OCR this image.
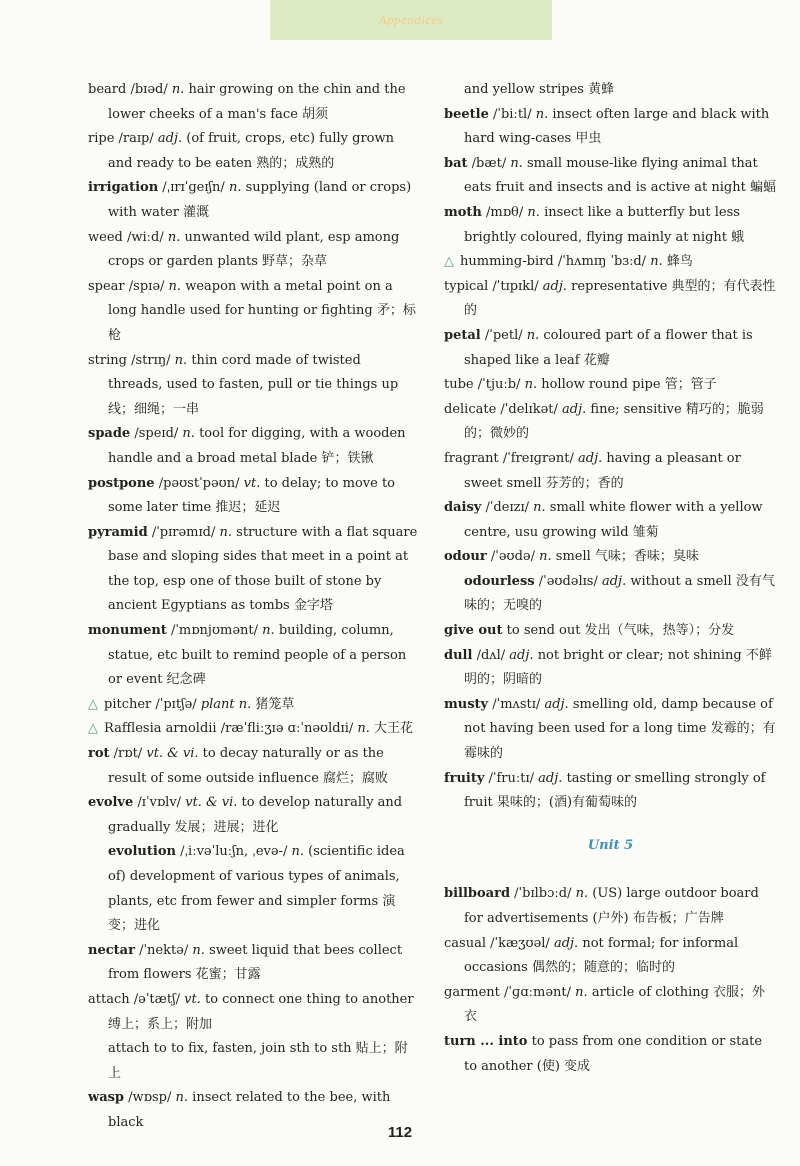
Appendices

beard /bɪəd/ n. hair growing on the chin and the lower cheeks of a man's face 胡须

ripe /raɪp/ adj. (of fruit, crops, etc) fully grown and ready to be eaten 熟的；成熟的

irrigation /ˌɪrɪˈɡeɪʃn/ n. supplying (land or crops) with water 灌溉

weed /wiːd/ n. unwanted wild plant, esp among crops or garden plants 野草；杂草

spear /spɪə/ n. weapon with a metal point on a long handle used for hunting or fighting 矛；标枪

string /strɪŋ/ n. thin cord made of twisted threads, used to fasten, pull or tie things up 线；细绳；一串

spade /speɪd/ n. tool for digging, with a wooden handle and a broad metal blade 铲；铁锹

postpone /pəʊstˈpəʊn/ vt. to delay; to move to some later time 推迟；延迟

pyramid /ˈpɪrəmɪd/ n. structure with a flat square base and sloping sides that meet in a point at the top, esp one of those built of stone by ancient Egyptians as tombs 金字塔

monument /ˈmɒnjʊmənt/ n. building, column, statue, etc built to remind people of a person or event 纪念碑

△ pitcher /ˈpɪtʃə/ plant n. 猪笼草

△ Rafflesia arnoldii /ræˈfliːʒɪə ɑːˈnəʊldɪi/ n. 大王花

rot /rɒt/ vt. & vi. to decay naturally or as the result of some outside influence 腐烂；腐败

evolve /ɪˈvɒlv/ vt. & vi. to develop naturally and gradually 发展；进展；进化

evolution /ˌiːvəˈluːʃn, ˌevə-/ n. (scientific idea of) development of various types of animals, plants, etc from fewer and simpler forms 演变；进化

nectar /ˈnektə/ n. sweet liquid that bees collect from flowers 花蜜；甘露

attach /əˈtætʃ/ vt. to connect one thing to another 缚上；系上；附加

attach to to fix, fasten, join sth to sth 贴上；附上

wasp /wɒsp/ n. insect related to the bee, with black

and yellow stripes 黄蜂

beetle /ˈbiːtl/ n. insect often large and black with hard wing-cases 甲虫

bat /bæt/ n. small mouse-like flying animal that eats fruit and insects and is active at night 蝙蝠

moth /mɒθ/ n. insect like a butterfly but less brightly coloured, flying mainly at night 蛾

△ humming-bird /ˈhʌmɪŋ ˈbɜːd/ n. 蜂鸟

typical /ˈtɪpɪkl/ adj. representative 典型的；有代表性的

petal /ˈpetl/ n. coloured part of a flower that is shaped like a leaf 花瓣

tube /ˈtjuːb/ n. hollow round pipe 管；管子

delicate /ˈdelɪkət/ adj. fine; sensitive 精巧的；脆弱的；微妙的

fragrant /ˈfreɪɡrənt/ adj. having a pleasant or sweet smell 芬芳的；香的

daisy /ˈdeɪzɪ/ n. small white flower with a yellow centre, usu growing wild 雏菊

odour /ˈəʊdə/ n. smell 气味；香味；臭味

odourless /ˈəʊdəlɪs/ adj. without a smell 没有气味的；无嗅的

give out to send out 发出（气味，热等）；分发

dull /dʌl/ adj. not bright or clear; not shining 不鲜明的；阴暗的

musty /ˈmʌstɪ/ adj. smelling old, damp because of not having been used for a long time 发霉的；有霉味的

fruity /ˈfruːtɪ/ adj. tasting or smelling strongly of fruit 果味的；(酒)有葡萄味的

Unit 5

billboard /ˈbɪlbɔːd/ n. (US) large outdoor board for advertisements (户外) 布告板；广告牌

casual /ˈkæʒʊəl/ adj. not formal; for informal occasions 偶然的；随意的；临时的

garment /ˈɡɑːmənt/ n. article of clothing 衣服；外衣

turn ... into to pass from one condition or state to another (使) 变成

112
